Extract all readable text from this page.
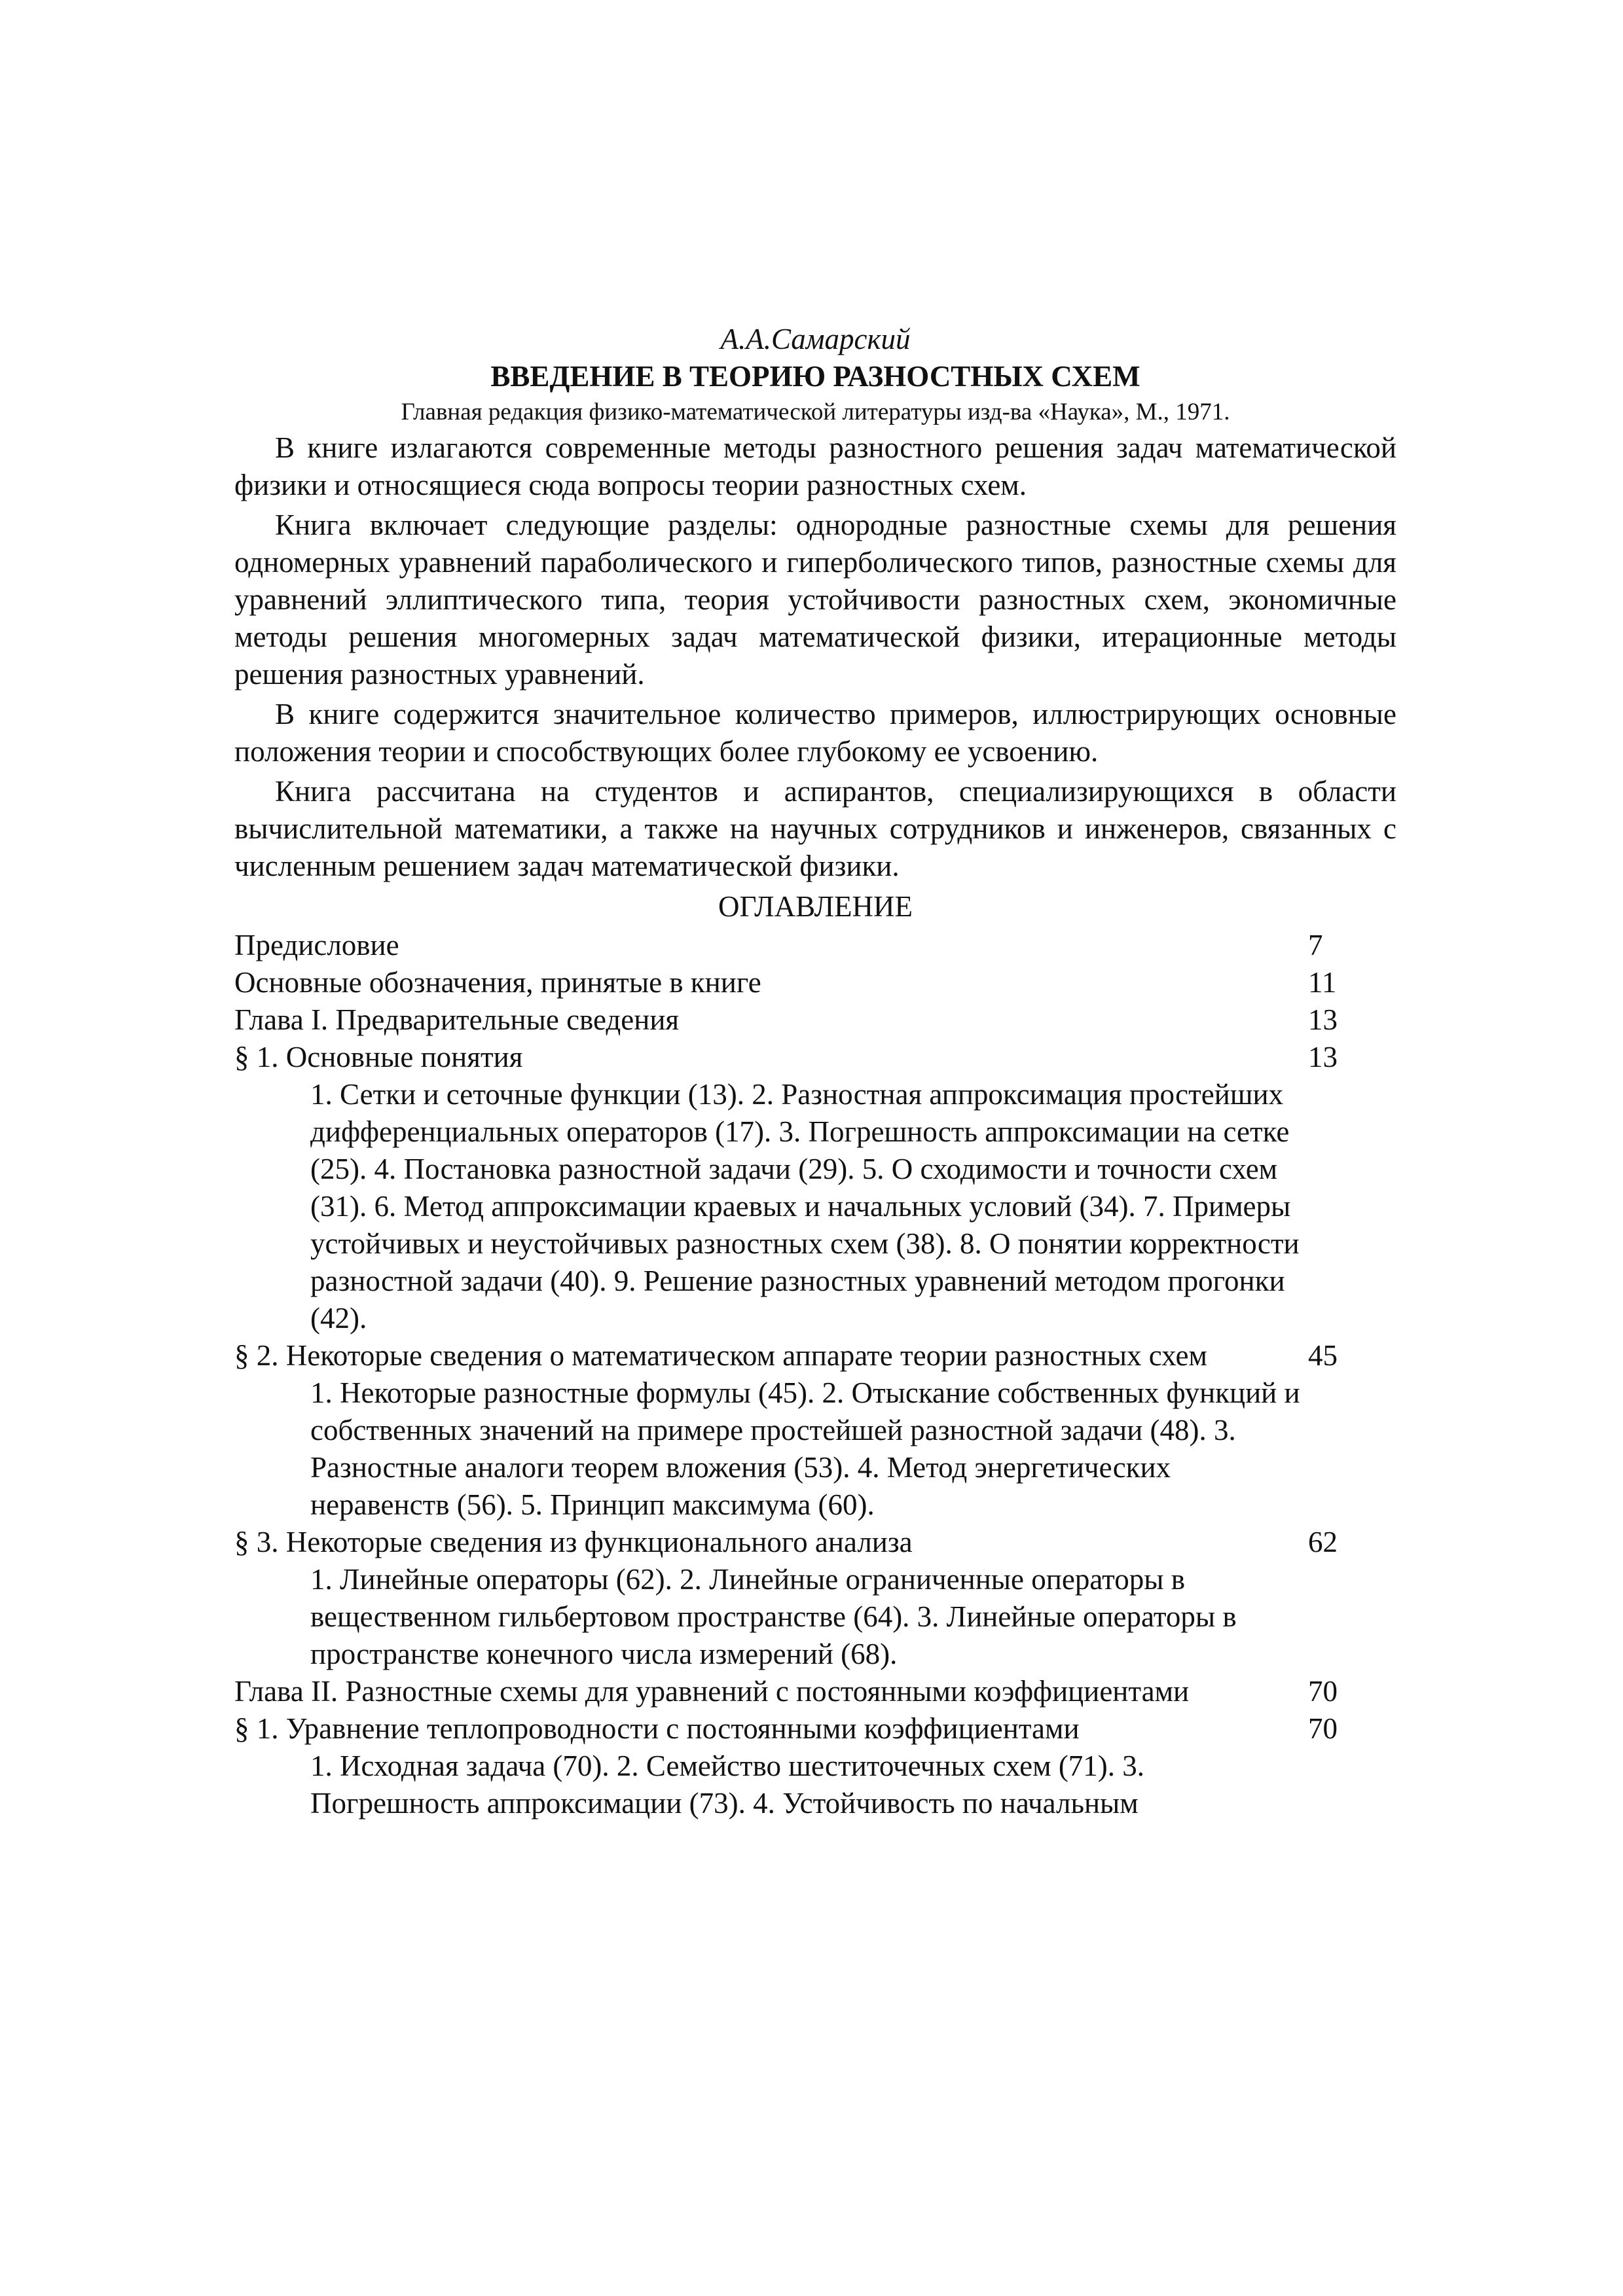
А.А.Самарский
ВВЕДЕНИЕ В ТЕОРИЮ РАЗНОСТНЫХ СХЕМ
Главная редакция физико-математической литературы изд-ва «Наука», М., 1971.

В книге излагаются современные методы разностного решения задач математической физики и относящиеся сюда вопросы теории разностных схем.

Книга включает следующие разделы: однородные разностные схемы для решения одномерных уравнений параболического и гиперболического типов, разностные схемы для уравнений эллиптического типа, теория устойчивости разностных схем, экономичные методы решения многомерных задач математической физики, итерационные методы решения разностных уравнений.

В книге содержится значительное количество примеров, иллюстрирующих основные положения теории и способствующих более глубокому ее усвоению.

Книга рассчитана на студентов и аспирантов, специализирующихся в области вычислительной математики, а также на научных сотрудников и инженеров, связанных с численным решением задач математической физики.

ОГЛАВЛЕНИЕ
Предисловие	7
Основные обозначения, принятые в книге	11
Глава I. Предварительные сведения	13
§ 1. Основные понятия	13
1. Сетки и сеточные функции (13). 2. Разностная аппроксимация простейших дифференциальных операторов (17). 3. Погрешность аппроксимации на сетке (25). 4. Постановка разностной задачи (29). 5. О сходимости и точности схем (31). 6. Метод аппроксимации краевых и начальных условий (34). 7. Примеры устойчивых и неустойчивых разностных схем (38). 8. О понятии корректности разностной задачи (40). 9. Решение разностных уравнений методом прогонки (42).
§ 2. Некоторые сведения о математическом аппарате теории разностных схем	45
1. Некоторые разностные формулы (45). 2. Отыскание собственных функций и собственных значений на примере простейшей разностной задачи (48). 3. Разностные аналоги теорем вложения (53). 4. Метод энергетических неравенств (56). 5. Принцип максимума (60).
§ 3. Некоторые сведения из функционального анализа	62
1. Линейные операторы (62). 2. Линейные ограниченные операторы в вещественном гильбертовом пространстве (64). 3. Линейные операторы в пространстве конечного числа измерений (68).
Глава II. Разностные схемы для уравнений с постоянными коэффициентами	70
§ 1. Уравнение теплопроводности с постоянными коэффициентами	70
1. Исходная задача (70). 2. Семейство шеститочечных схем (71). 3. Погрешность аппроксимации (73). 4. Устойчивость по начальным
